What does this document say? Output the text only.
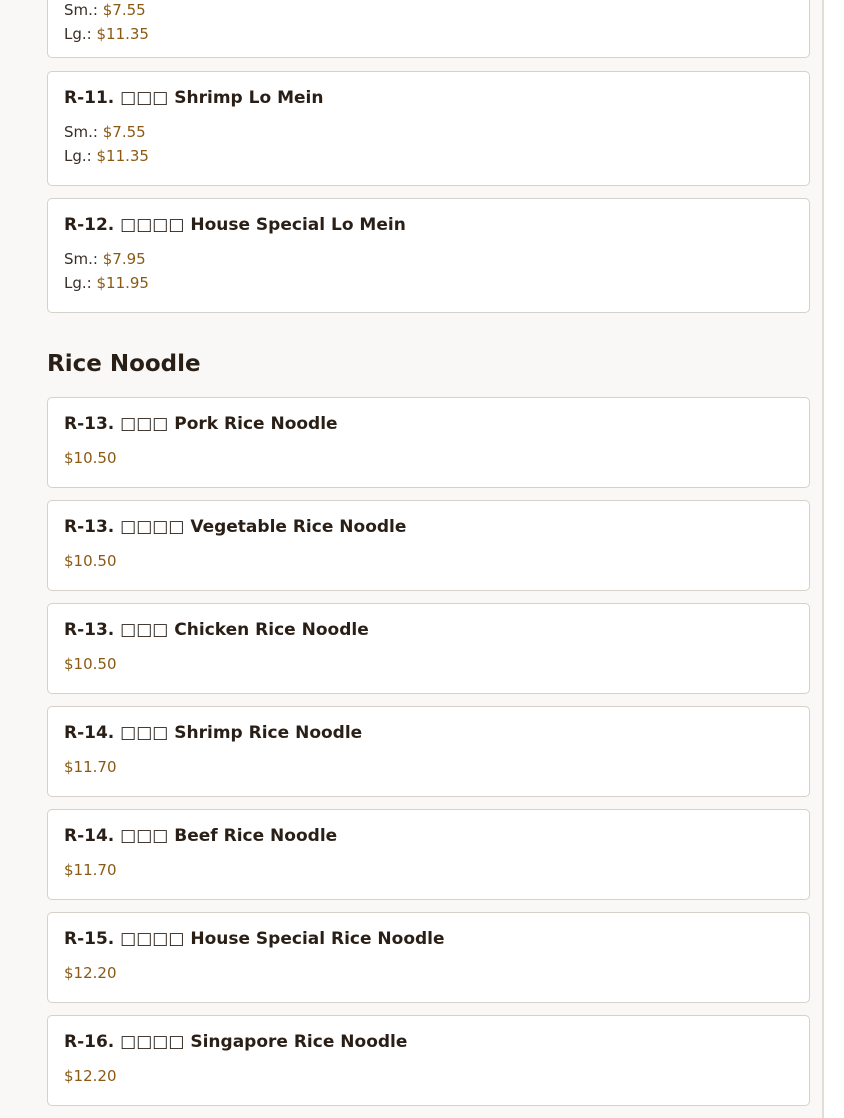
Sm.: $7.55
Lg.: $11.35
R-11. □□□ Shrimp Lo Mein
Sm.: $7.55
Lg.: $11.35
R-12. □□□□ House Special Lo Mein
Sm.: $7.95
Lg.: $11.95
Rice Noodle
R-13. □□□ Pork Rice Noodle
$10.50
R-13. □□□□ Vegetable Rice Noodle
$10.50
R-13. □□□ Chicken Rice Noodle
$10.50
R-14. □□□ Shrimp Rice Noodle
$11.70
R-14. □□□ Beef Rice Noodle
$11.70
R-15. □□□□ House Special Rice Noodle
$12.20
R-16. □□□□ Singapore Rice Noodle
$12.20
